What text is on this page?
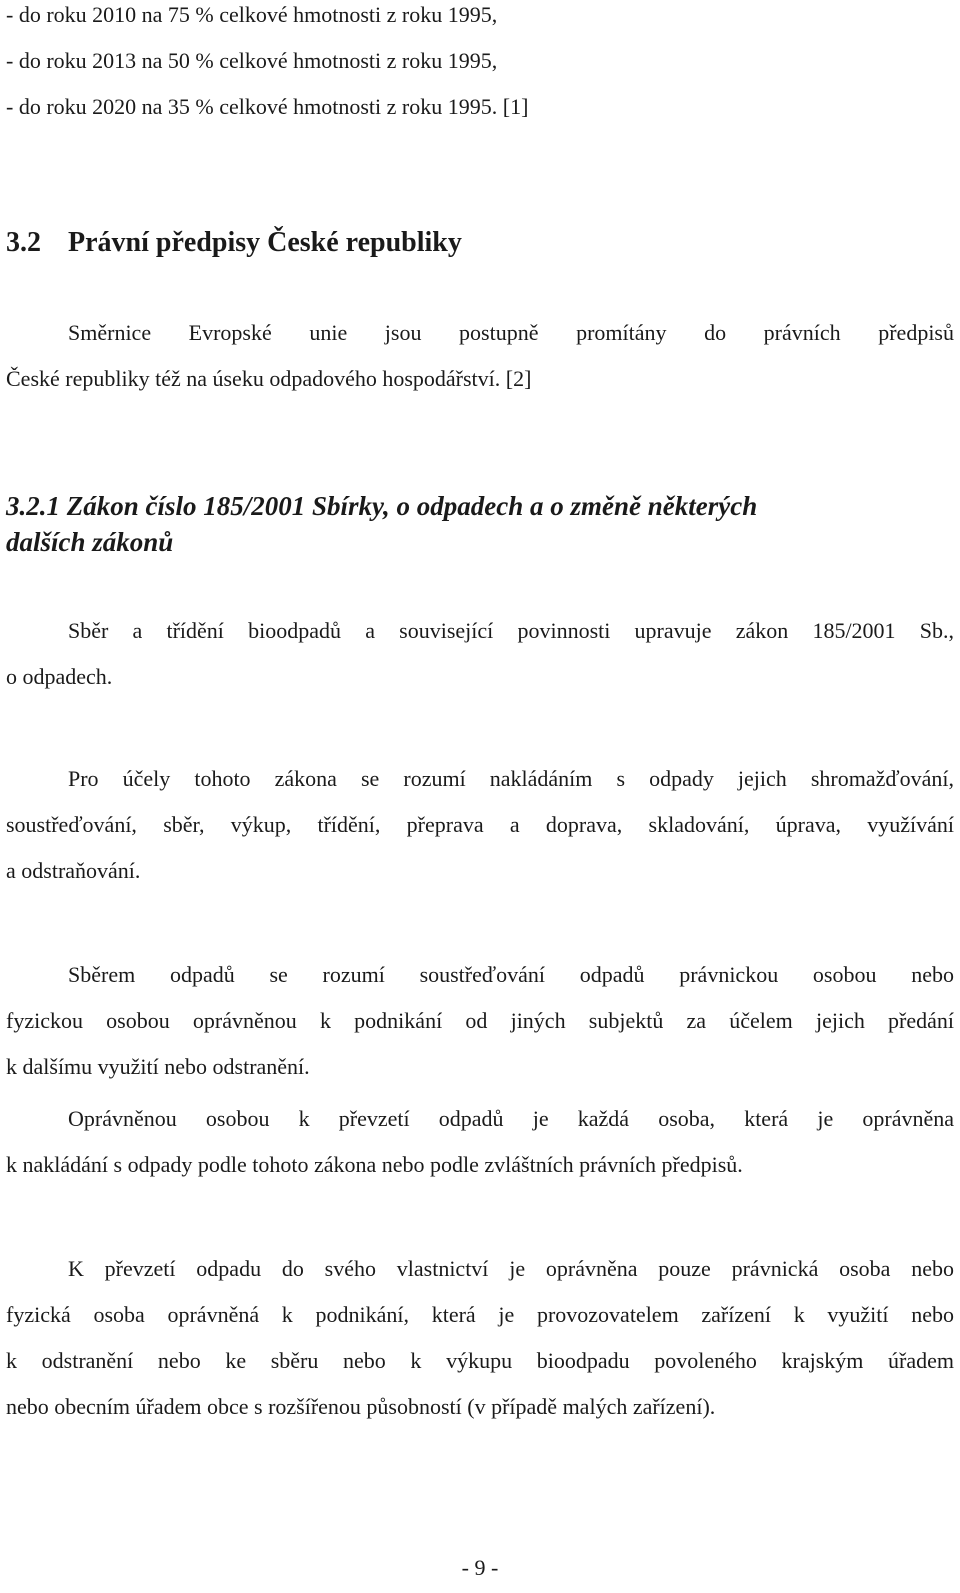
- do roku 2010 na 75 % celkové hmotnosti z roku 1995,
- do roku 2013 na 50 % celkové hmotnosti z roku 1995,
- do roku 2020 na 35 % celkové hmotnosti z roku 1995. [1]
3.2 Právní předpisy České republiky
Směrnice Evropské unie jsou postupně promítány do právních předpisů
České republiky též na úseku odpadového hospodářství. [2]
3.2.1 Zákon číslo 185/2001 Sbírky, o odpadech a o změně některých
dalších zákonů
Sběr a třídění bioodpadů a související povinnosti upravuje zákon 185/2001 Sb.,
o odpadech.
Pro účely tohoto zákona se rozumí nakládáním s odpady jejich shromažďování,
soustřeďování, sběr, výkup, třídění, přeprava a doprava, skladování, úprava, využívání
a odstraňování.
Sběrem odpadů se rozumí soustřeďování odpadů právnickou osobou nebo
fyzickou osobou oprávněnou k podnikání od jiných subjektů za účelem jejich předání
k dalšímu využití nebo odstranění.
Oprávněnou osobou k převzetí odpadů je každá osoba, která je oprávněna
k nakládání s odpady podle tohoto zákona nebo podle zvláštních právních předpisů.
K převzetí odpadu do svého vlastnictví je oprávněna pouze právnická osoba nebo
fyzická osoba oprávněná k podnikání, která je provozovatelem zařízení k využití nebo
k odstranění nebo ke sběru nebo k výkupu bioodpadu povoleného krajským úřadem
nebo obecním úřadem obce s rozšířenou působností (v případě malých zařízení).
- 9 -
